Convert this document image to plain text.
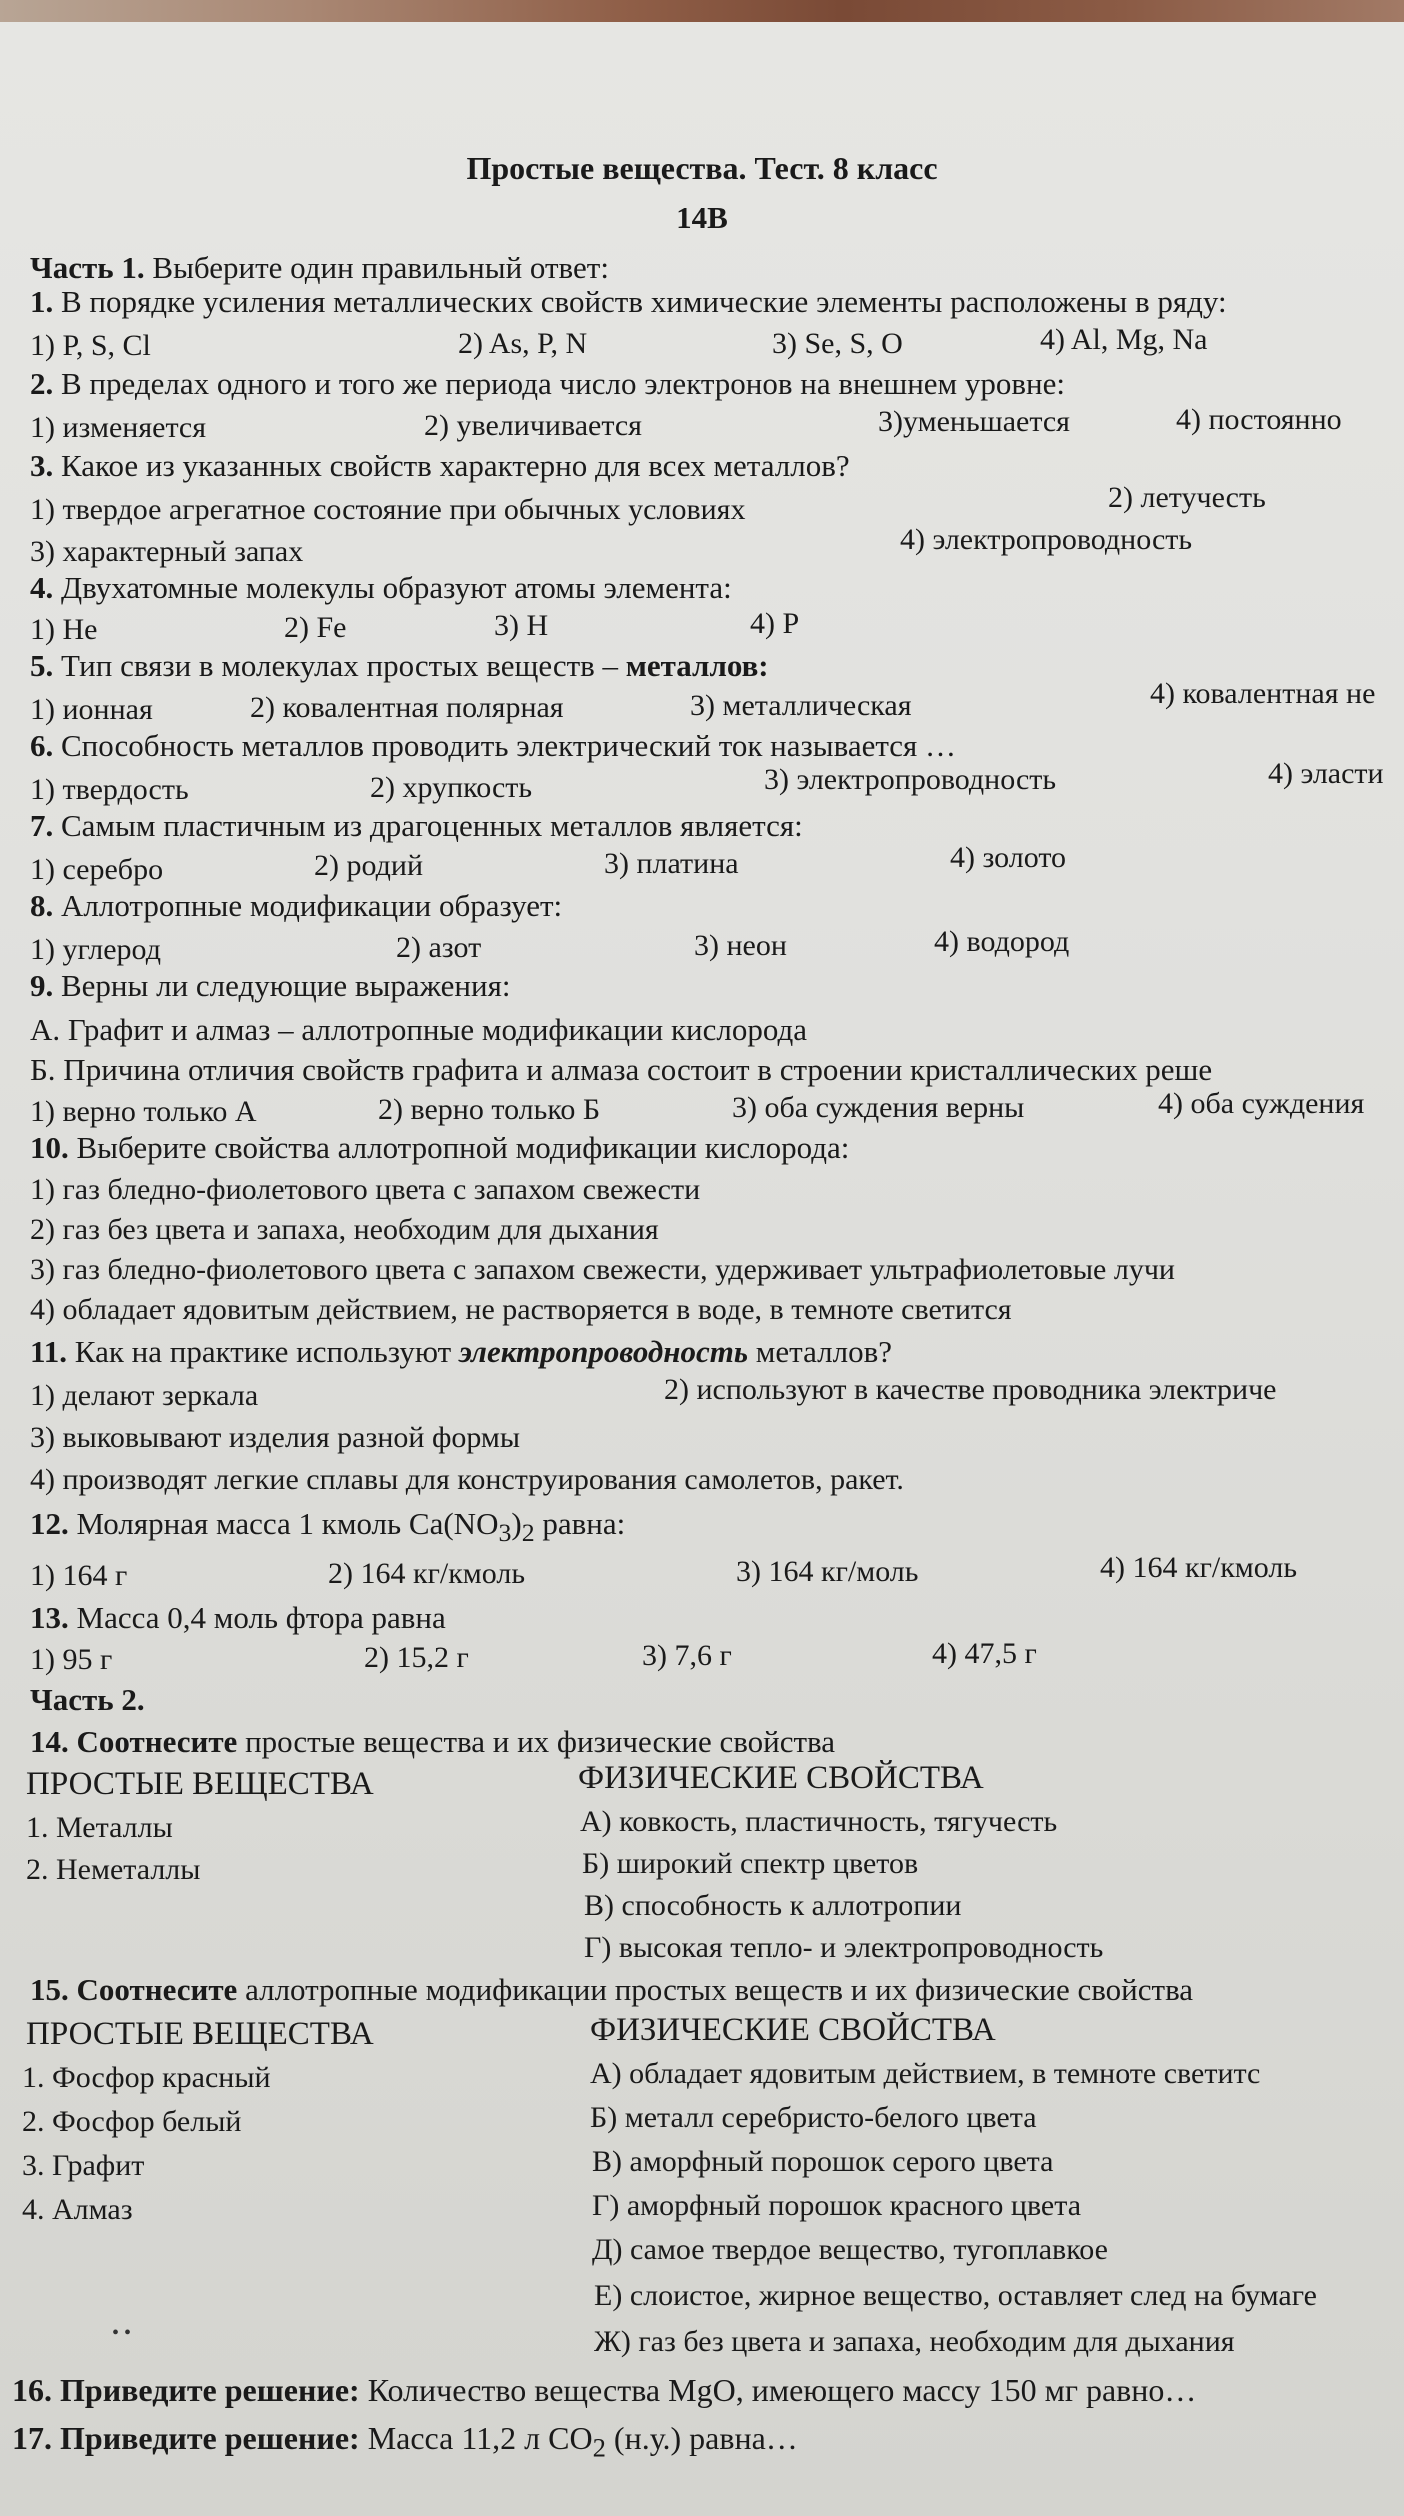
Простые вещества. Тест. 8 класс
14В
Часть 1. Выберите один правильный ответ:
1. В порядке усиления металлических свойств химические элементы расположены в ряду:
1) P, S, Cl	2) As, P, N	3) Se, S, O	4) Al, Mg, Na
2. В пределах одного и того же периода число электронов на внешнем уровне:
1) изменяется	2) увеличивается	3)уменьшается	4) постоянно
3. Какое из указанных свойств характерно для всех металлов?
1) твердое агрегатное состояние при обычных условиях	2) летучесть
3) характерный запах	4) электропроводность
4. Двухатомные молекулы образуют атомы элемента:
1) He	2) Fe	3) H	4) P
5. Тип связи в молекулах простых веществ – металлов:
1) ионная	2) ковалентная полярная	3) металлическая	4) ковалентная не
6. Способность металлов проводить электрический ток называется …
1) твердость	2) хрупкость	3) электропроводность	4) эласти
7. Самым пластичным из драгоценных металлов является:
1) серебро	2) родий	3) платина	4) золото
8. Аллотропные модификации образует:
1) углерод	2) азот	3) неон	4) водород
9. Верны ли следующие выражения:
А. Графит и алмаз – аллотропные модификации кислорода
Б. Причина отличия свойств графита и алмаза состоит в строении кристаллических реше
1) верно только А	2) верно только Б	3) оба суждения верны	4) оба суждения
10. Выберите свойства аллотропной модификации кислорода:
1) газ бледно-фиолетового цвета с запахом свежести
2) газ без цвета и запаха, необходим для дыхания
3) газ бледно-фиолетового цвета с запахом свежести, удерживает ультрафиолетовые лучи
4) обладает ядовитым действием, не растворяется в воде, в темноте светится
11. Как на практике используют электропроводность металлов?
1) делают зеркала	2) используют в качестве проводника электриче
3) выковывают изделия разной формы
4) производят легкие сплавы для конструирования самолетов, ракет.
12. Молярная масса 1 кмоль $Ca(NO_3)_2$ равна:
1) 164 г	2) 164 кг/кмоль	3) 164 кг/моль	4) 164 кг/кмоль
13. Масса 0,4 моль фтора равна
1) 95 г	2) 15,2 г	3) 7,6 г	4) 47,5 г
Часть 2.
14. Соотнесите простые вещества и их физические свойства
ПРОСТЫЕ ВЕЩЕСТВА	ФИЗИЧЕСКИЕ СВОЙСТВА
1. Металлы
2. Неметаллы
А) ковкость, пластичность, тягучесть
Б) широкий спектр цветов
В) способность к аллотропии
Г) высокая тепло- и электропроводность
15. Соотнесите аллотропные модификации простых веществ и их физические свойства
ПРОСТЫЕ ВЕЩЕСТВА	ФИЗИЧЕСКИЕ СВОЙСТВА
1. Фосфор красный
2. Фосфор белый
3. Графит
4. Алмаз
А) обладает ядовитым действием, в темноте светитс
Б) металл серебристо-белого цвета
В) аморфный порошок серого цвета
Г) аморфный порошок красного цвета
Д) самое твердое вещество, тугоплавкое
Е) слоистое, жирное вещество, оставляет след на бумаге
Ж) газ без цвета и запаха, необходим для дыхания
• •
16. Приведите решение: Количество вещества MgO, имеющего массу 150 мг равно…
17. Приведите решение: Масса 11,2 л $CO_2$ (н.у.) равна…
